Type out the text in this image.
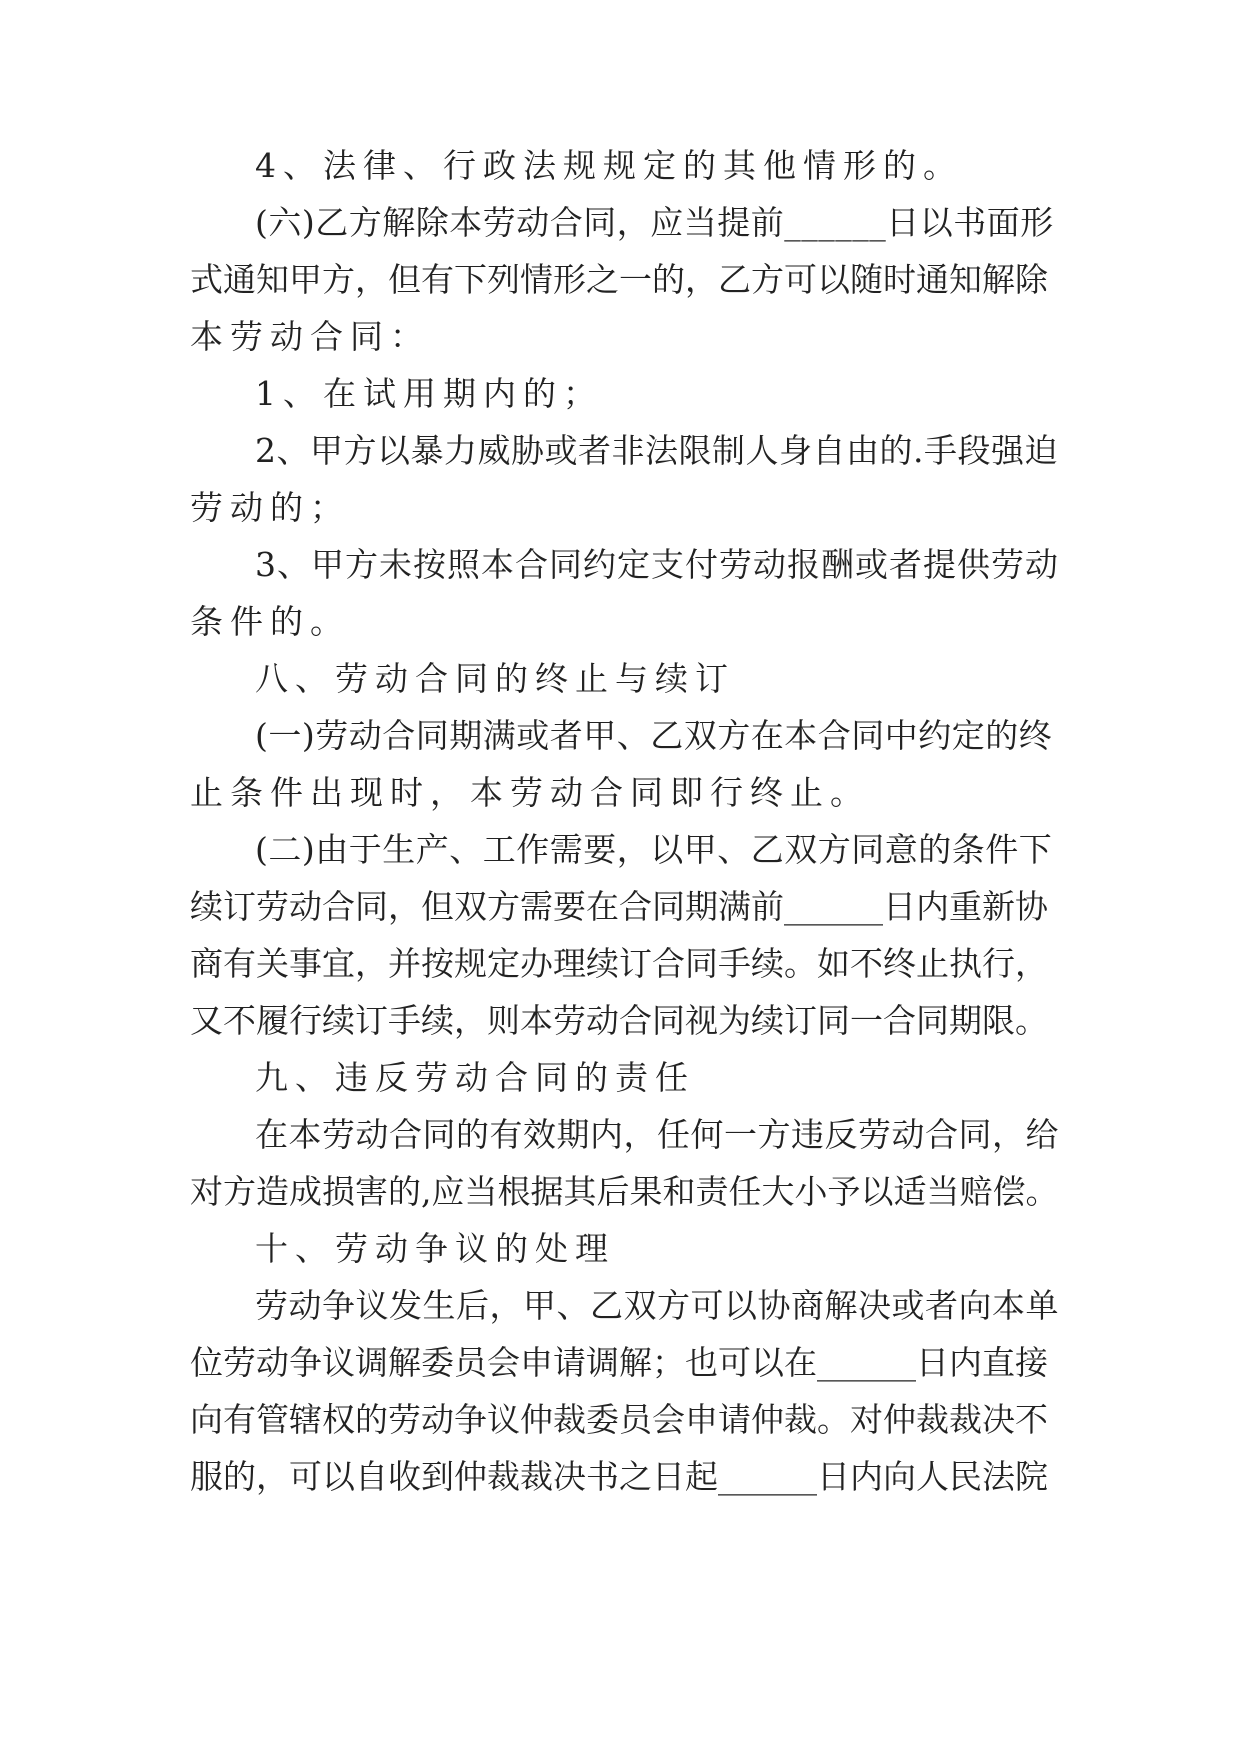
4、法律、行政法规规定的其他情形的。
(六)乙方解除本劳动合同，应当提前______日以书面形
式通知甲方，但有下列情形之一的，乙方可以随时通知解除
本劳动合同：
1、在试用期内的；
2、甲方以暴力威胁或者非法限制人身自由的.手段强迫
劳动的；
3、甲方未按照本合同约定支付劳动报酬或者提供劳动
条件的。
八、劳动合同的终止与续订
(一)劳动合同期满或者甲、乙双方在本合同中约定的终
止条件出现时，本劳动合同即行终止。
(二)由于生产、工作需要，以甲、乙双方同意的条件下
续订劳动合同，但双方需要在合同期满前______日内重新协
商有关事宜，并按规定办理续订合同手续。如不终止执行，
又不履行续订手续，则本劳动合同视为续订同一合同期限。
九、违反劳动合同的责任
在本劳动合同的有效期内，任何一方违反劳动合同，给
对方造成损害的,应当根据其后果和责任大小予以适当赔偿。
十、劳动争议的处理
劳动争议发生后，甲、乙双方可以协商解决或者向本单
位劳动争议调解委员会申请调解；也可以在______日内直接
向有管辖权的劳动争议仲裁委员会申请仲裁。对仲裁裁决不
服的，可以自收到仲裁裁决书之日起______日内向人民法院
